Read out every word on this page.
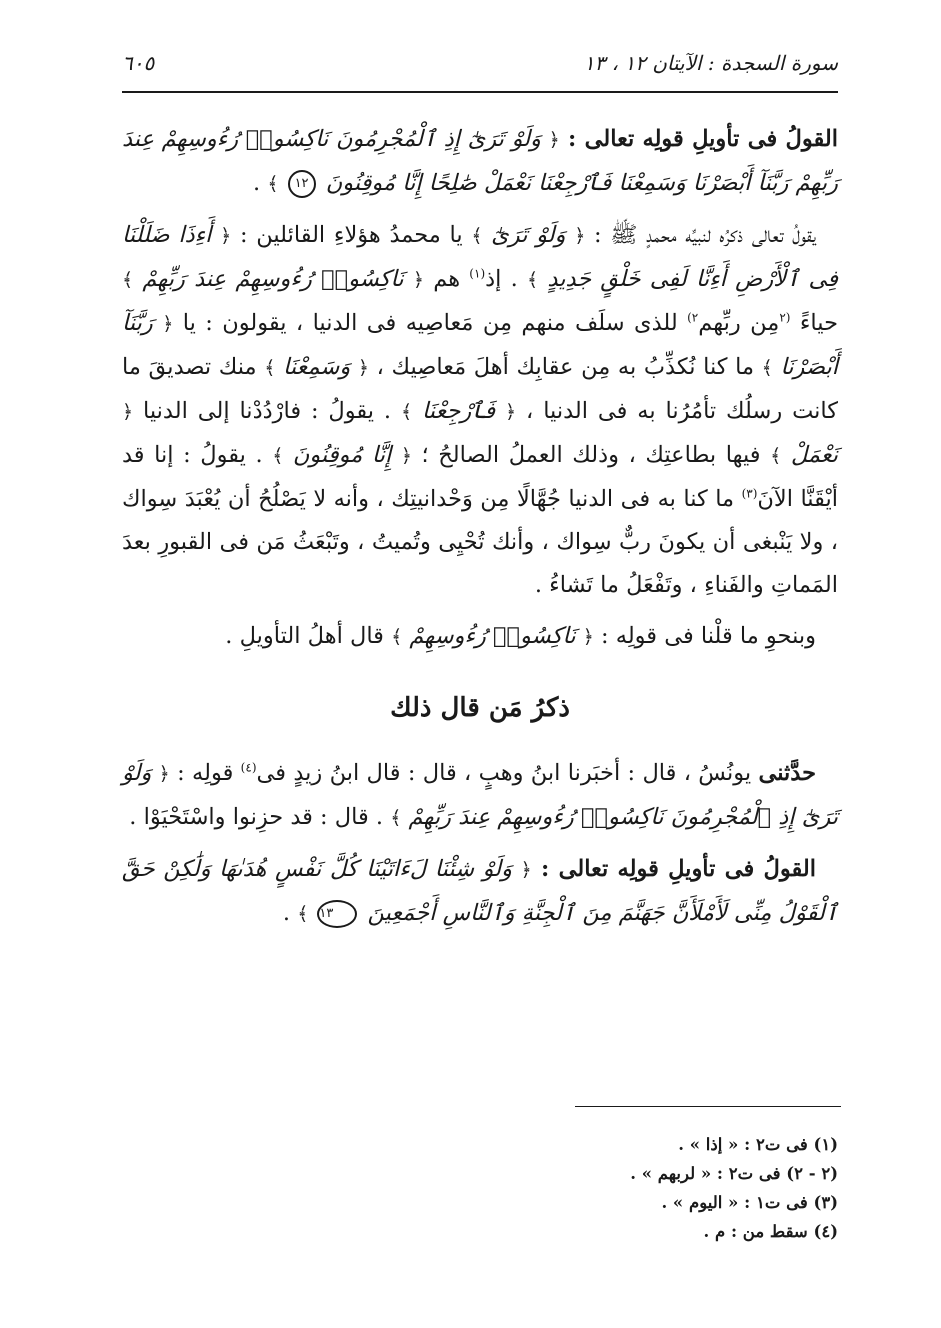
سورة السجدة : الآيتان ١٢ ، ١٣
٦٠٥

القولُ فى تأويلِ قولِه تعالى : ﴿ وَلَوْ تَرَىٰٓ إِذِ ٱلْمُجْرِمُونَ نَاكِسُوا۟ رُءُوسِهِمْ عِندَ رَبِّهِمْ رَبَّنَآ أَبْصَرْنَا وَسَمِعْنَا فَٱرْجِعْنَا نَعْمَلْ صَٰلِحًا إِنَّا مُوقِنُونَ ١٢ ﴾ .

يقولُ تعالى ذكرُه لنبيِّه محمدٍ ﷺ : ﴿ وَلَوْ تَرَىٰٓ ﴾ يا محمدُ هؤلاءِ القائلين : ﴿ أَءِذَا ضَلَلْنَا فِى ٱلْأَرْضِ أَءِنَّا لَفِى خَلْقٍ جَدِيدٍ ﴾ . إذ$^{(١)}$ هم ﴿ نَاكِسُوا۟ رُءُوسِهِمْ عِندَ رَبِّهِمْ ﴾ حياءً $^{(٢}$مِن ربِّهم$^{٢)}$ للذى سلَف منهم مِن مَعاصِيه فى الدنيا ، يقولون : يا ﴿ رَبَّنَآ أَبْصَرْنَا ﴾ ما كنا نُكذِّبُ به مِن عقابِك أهلَ مَعاصِيك ، ﴿ وَسَمِعْنَا ﴾ منك تصديقَ ما كانت رسلُك تأمُرُنا به فى الدنيا ، ﴿ فَٱرْجِعْنَا ﴾ . يقولُ : فارْدُدْنا إلى الدنيا ﴿ نَعْمَلْ ﴾ فيها بطاعتِك ، وذلك العملُ الصالحُ ؛ ﴿ إِنَّا مُوقِنُونَ ﴾ . يقولُ : إنا قد أيْقَنَّا الآنَ$^{(٣)}$ ما كنا به فى الدنيا جُهَّالًا مِن وَحْدانيتِك ، وأنه لا يَصْلُحُ أن يُعْبَدَ سِواك ، ولا يَنْبغى أن يكونَ ربٌّ سِواك ، وأنك تُحْيِى وتُميتُ ، وتَبْعَثُ مَن فى القبورِ بعدَ المَماتِ والفَناءِ ، وتَفْعَلُ ما تَشاءُ .

وبنحوِ ما قلْنا فى قولِه : ﴿ نَاكِسُوا۟ رُءُوسِهِمْ ﴾ قال أهلُ التأويلِ .

ذكرُ مَن قال ذلك

حدَّثنى يونُسُ ، قال : أخبَرنا ابنُ وهبٍ ، قال : قال ابنُ زيدٍ فى$^{(٤)}$ قولِه : ﴿ وَلَوْ تَرَىٰٓ إِذِ ٱلْمُجْرِمُونَ نَاكِسُوا۟ رُءُوسِهِمْ عِندَ رَبِّهِمْ ﴾ . قال : قد حزِنوا واسْتَحْيَوْا .

القولُ فى تأويلِ قولِه تعالى : ﴿ وَلَوْ شِئْنَا لَءَاتَيْنَا كُلَّ نَفْسٍ هُدَىٰهَا وَلَٰكِنْ حَقَّ ٱلْقَوْلُ مِنِّى لَأَمْلَأَنَّ جَهَنَّمَ مِنَ ٱلْجِنَّةِ وَٱلنَّاسِ أَجْمَعِينَ ١٣ ﴾ .

(١) فى ت٢ : « إذا » .

(٢ - ٢) فى ت٢ : « لربهم » .

(٣) فى ت١ : « اليوم » .

(٤) سقط من : م .
